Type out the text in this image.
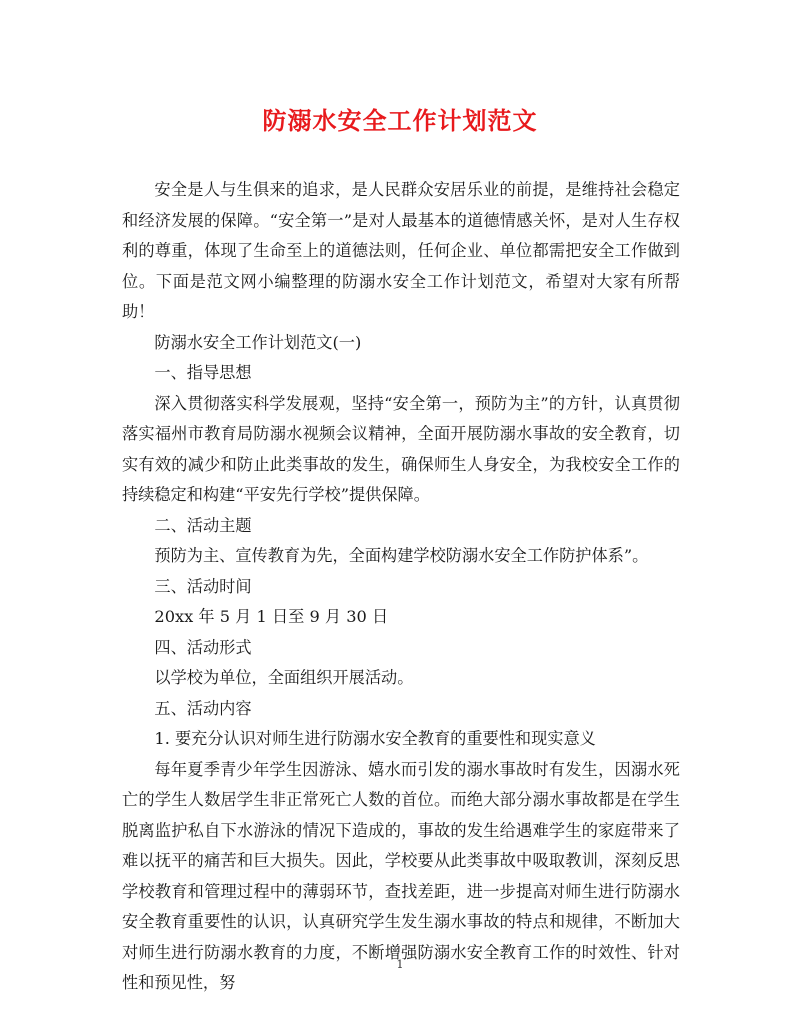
防溺水安全工作计划范文

安全是人与生俱来的追求，是人民群众安居乐业的前提，是维持社会稳定和经济发展的保障。“安全第一”是对人最基本的道德情感关怀，是对人生存权利的尊重，体现了生命至上的道德法则，任何企业、单位都需把安全工作做到位。下面是范文网小编整理的防溺水安全工作计划范文，希望对大家有所帮助！

防溺水安全工作计划范文(一)

一、指导思想

深入贯彻落实科学发展观，坚持“安全第一，预防为主”的方针，认真贯彻落实福州市教育局防溺水视频会议精神，全面开展防溺水事故的安全教育，切实有效的减少和防止此类事故的发生，确保师生人身安全，为我校安全工作的持续稳定和构建“平安先行学校”提供保障。

二、活动主题

预防为主、宣传教育为先，全面构建学校防溺水安全工作防护体系”。

三、活动时间

20xx 年 5 月 1 日至 9 月 30 日

四、活动形式

以学校为单位，全面组织开展活动。

五、活动内容

1. 要充分认识对师生进行防溺水安全教育的重要性和现实意义

每年夏季青少年学生因游泳、嬉水而引发的溺水事故时有发生，因溺水死亡的学生人数居学生非正常死亡人数的首位。而绝大部分溺水事故都是在学生脱离监护私自下水游泳的情况下造成的，事故的发生给遇难学生的家庭带来了难以抚平的痛苦和巨大损失。因此，学校要从此类事故中吸取教训，深刻反思学校教育和管理过程中的薄弱环节，查找差距，进一步提高对师生进行防溺水安全教育重要性的认识，认真研究学生发生溺水事故的特点和规律，不断加大对师生进行防溺水教育的力度，不断增强防溺水安全教育工作的时效性、针对性和预见性，努

1
